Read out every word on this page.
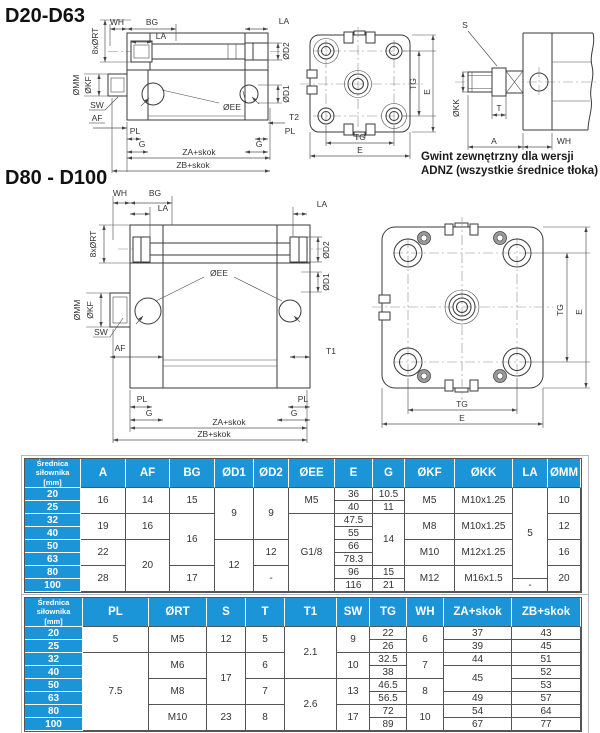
D20-D63
D80 - D100
Gwint zewnętrzny dla wersji
ADNZ (wszystkie średnice tłoka)
ØEE
WH	BG
LA
LA
8xØRT	ØD2
ØD1
ØMM ØKF
SW
AF	T2
PL
G
PL
G
ZA+skok
ZB+skok
TG
E
TG
E
S
ØKK	T
A	WH
ØEE
WH	BG
LA	LA
8xØRT	ØD2
ØD1
ØMM ØKF
SW
AF	T1
PL
G
PL
G
ZA+skok
ZB+skok
TG E
TG
E
Średnica
siłownika
[mm]	A	AF	BG	ØD1	ØD2	ØEE	E	G	ØKF	ØKK	LA	ØMM
20	16	14	15	9	9	M5	36	10.5	M5	M10x1.25	5	10
25							40	11				
32	19	16	16			G1/8	47.5	14	M8	M10x1.25		12
40							55					
50	22	20		12	12		66		M10	M12x1.25		16
63							78.3					
80	28		17		-		96	15	M12	M16x1.5		20
100							116	21			-	
Średnica
siłownika
[mm]	PL	ØRT	S	T	T1	SW	TG	WH	ZA+skok	ZB+skok
20	5	M5	12	5	2.1	9	22	6	37	43
25							26		39	45
32	7.5	M6	17	6		10	32.5	7	44	51
40							38		45	52
50		M8		7	2.6	13	46.5	8		53
63							56.5		49	57
80		M10	23	8		17	72	10	54	64
100							89		67	77
